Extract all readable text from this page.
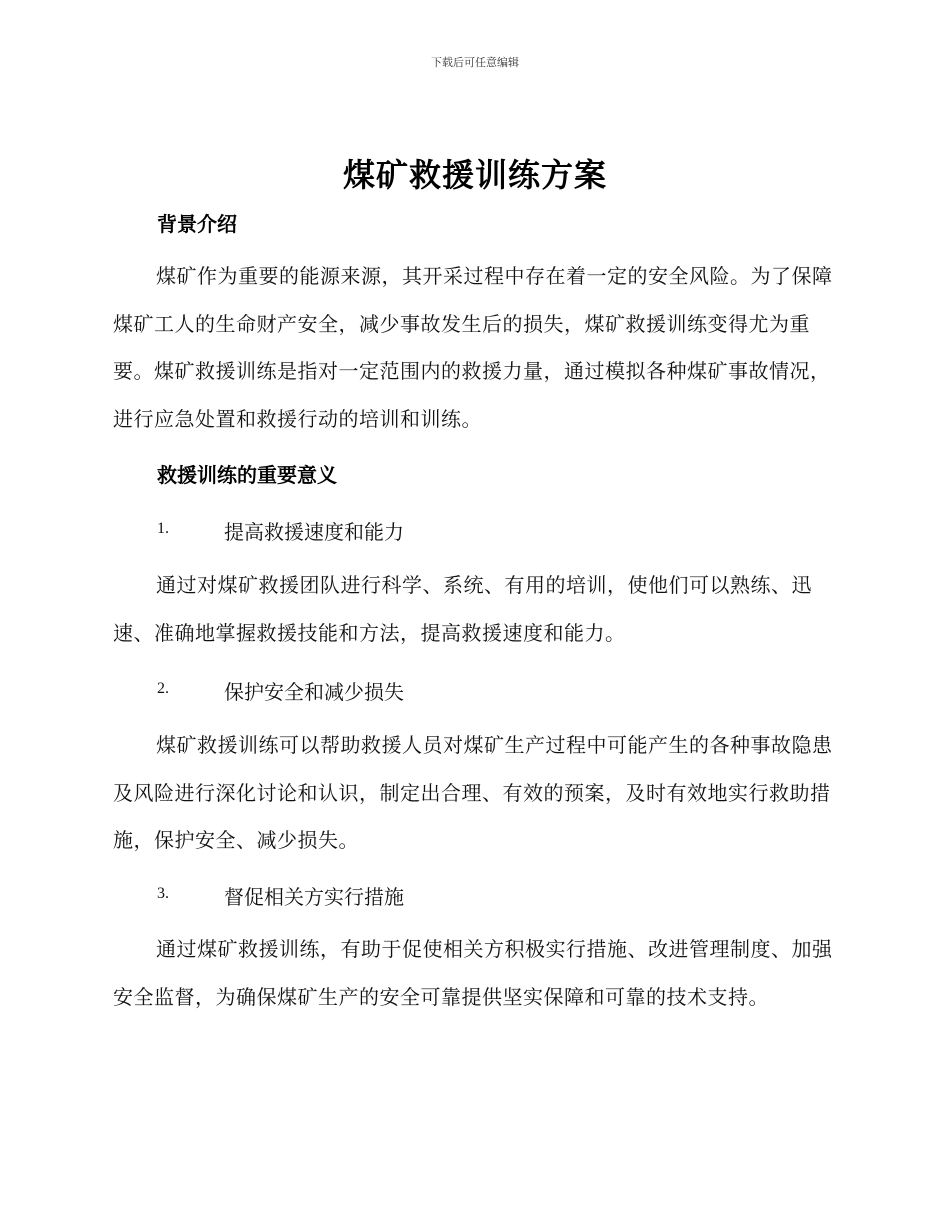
下载后可任意编辑
煤矿救援训练方案
背景介绍

煤矿作为重要的能源来源，其开采过程中存在着一定的安全风险。为了保障煤矿工人的生命财产安全，减少事故发生后的损失，煤矿救援训练变得尤为重要。煤矿救援训练是指对一定范围内的救援力量，通过模拟各种煤矿事故情况，进行应急处置和救援行动的培训和训练。

救援训练的重要意义
1.	提高救援速度和能力

通过对煤矿救援团队进行科学、系统、有用的培训，使他们可以熟练、迅速、准确地掌握救援技能和方法，提高救援速度和能力。

2.	保护安全和减少损失

煤矿救援训练可以帮助救援人员对煤矿生产过程中可能产生的各种事故隐患及风险进行深化讨论和认识，制定出合理、有效的预案，及时有效地实行救助措施，保护安全、减少损失。

3.	督促相关方实行措施

通过煤矿救援训练，有助于促使相关方积极实行措施、改进管理制度、加强安全监督，为确保煤矿生产的安全可靠提供坚实保障和可靠的技术支持。
